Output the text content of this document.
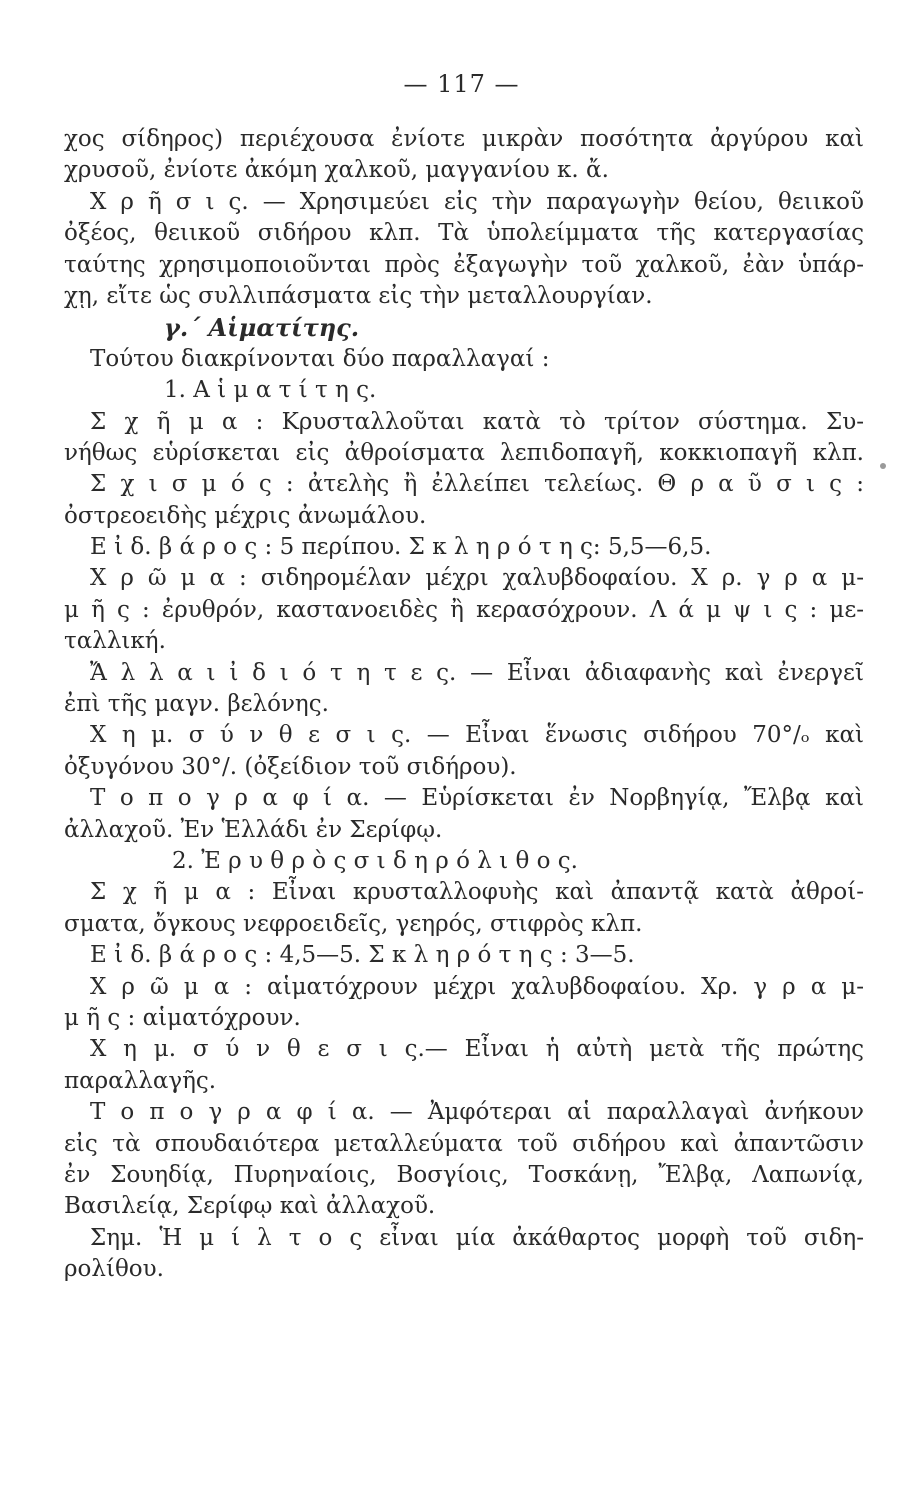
— 117 —
χος σίδηρος) περιέχουσα ἐνίοτε μικρὰν ποσότητα ἀργύρου καὶ
χρυσοῦ, ἐνίοτε ἀκόμη χαλκοῦ, μαγγανίου κ. ἄ.
Χ ρ ῆ σ ι ς. — Χρησιμεύει εἰς τὴν παραγωγὴν θείου, θειικοῦ
ὀξέος, θειικοῦ σιδήρου κλπ. Τὰ ὑπολείμματα τῆς κατεργασίας
ταύτης χρησιμοποιοῦνται πρὸς ἐξαγωγὴν τοῦ χαλκοῦ, ἐὰν ὑπάρ-
χῃ, εἴτε ὡς συλλιπάσματα εἰς τὴν μεταλλουργίαν.
γ.΄ Αἱματίτης.
Τούτου διακρίνονται δύο παραλλαγαί :
1. Α ἱ μ α τ ί τ η ς.
Σ χ ῆ μ α : Κρυσταλλοῦται κατὰ τὸ τρίτον σύστημα. Συ-
νήθως εὑρίσκεται εἰς ἀθροίσματα λεπιδοπαγῆ, κοκκιοπαγῆ κλπ.
Σ χ ι σ μ ό ς : ἀτελὴς ἢ ἐλλείπει τελείως. Θ ρ α ῦ σ ι ς :
ὀστρεοειδὴς μέχρις ἀνωμάλου.
Ε ἰ δ. β ά ρ ο ς : 5 περίπου. Σ κ λ η ρ ό τ η ς: 5,5—6,5.
Χ ρ ῶ μ α : σιδηρομέλαν μέχρι χαλυβδοφαίου. Χ ρ. γ ρ α μ-
μ ῆ ς : ἐρυθρόν, καστανοειδὲς ἢ κερασόχρουν. Λ ά μ ψ ι ς : με-
ταλλική.
Ἄ λ λ α ι ἰ δ ι ό τ η τ ε ς. — Εἶναι ἀδιαφανὴς καὶ ἐνεργεῖ
ἐπὶ τῆς μαγν. βελόνης.
Χ η μ. σ ύ ν θ ε σ ι ς. — Εἶναι ἕνωσις σιδήρου 70°/ₒ καὶ
ὀξυγόνου 30°/. (ὀξείδιον τοῦ σιδήρου).
Τ ο π ο γ ρ α φ ί α. — Εὑρίσκεται ἐν Νορβηγίᾳ, Ἔλβᾳ καὶ
ἀλλαχοῦ. Ἐν Ἑλλάδι ἐν Σερίφῳ.
2. Ἐ ρ υ θ ρ ὸ ς σ ι δ η ρ ό λ ι θ ο ς.
Σ χ ῆ μ α : Εἶναι κρυσταλλοφυὴς καὶ ἀπαντᾷ κατὰ ἀθροί-
σματα, ὄγκους νεφροειδεῖς, γεηρός, στιφρὸς κλπ.
Ε ἰ δ. β ά ρ ο ς : 4,5—5. Σ κ λ η ρ ό τ η ς : 3—5.
Χ ρ ῶ μ α : αἱματόχρουν μέχρι χαλυβδοφαίου. Χρ. γ ρ α μ-
μ ῆ ς : αἱματόχρουν.
Χ η μ. σ ύ ν θ ε σ ι ς.— Εἶναι ἡ αὐτὴ μετὰ τῆς πρώτης
παραλλαγῆς.
Τ ο π ο γ ρ α φ ί α. — Ἀμφότεραι αἱ παραλλαγαὶ ἀνήκουν
εἰς τὰ σπουδαιότερα μεταλλεύματα τοῦ σιδήρου καὶ ἀπαντῶσιν
ἐν Σουηδίᾳ, Πυρηναίοις, Βοσγίοις, Τοσκάνῃ, Ἔλβᾳ, Λαπωνίᾳ,
Βασιλείᾳ, Σερίφῳ καὶ ἀλλαχοῦ.
Σημ. Ἡ μ ί λ τ ο ς εἶναι μία ἀκάθαρτος μορφὴ τοῦ σιδη-
ρολίθου.
